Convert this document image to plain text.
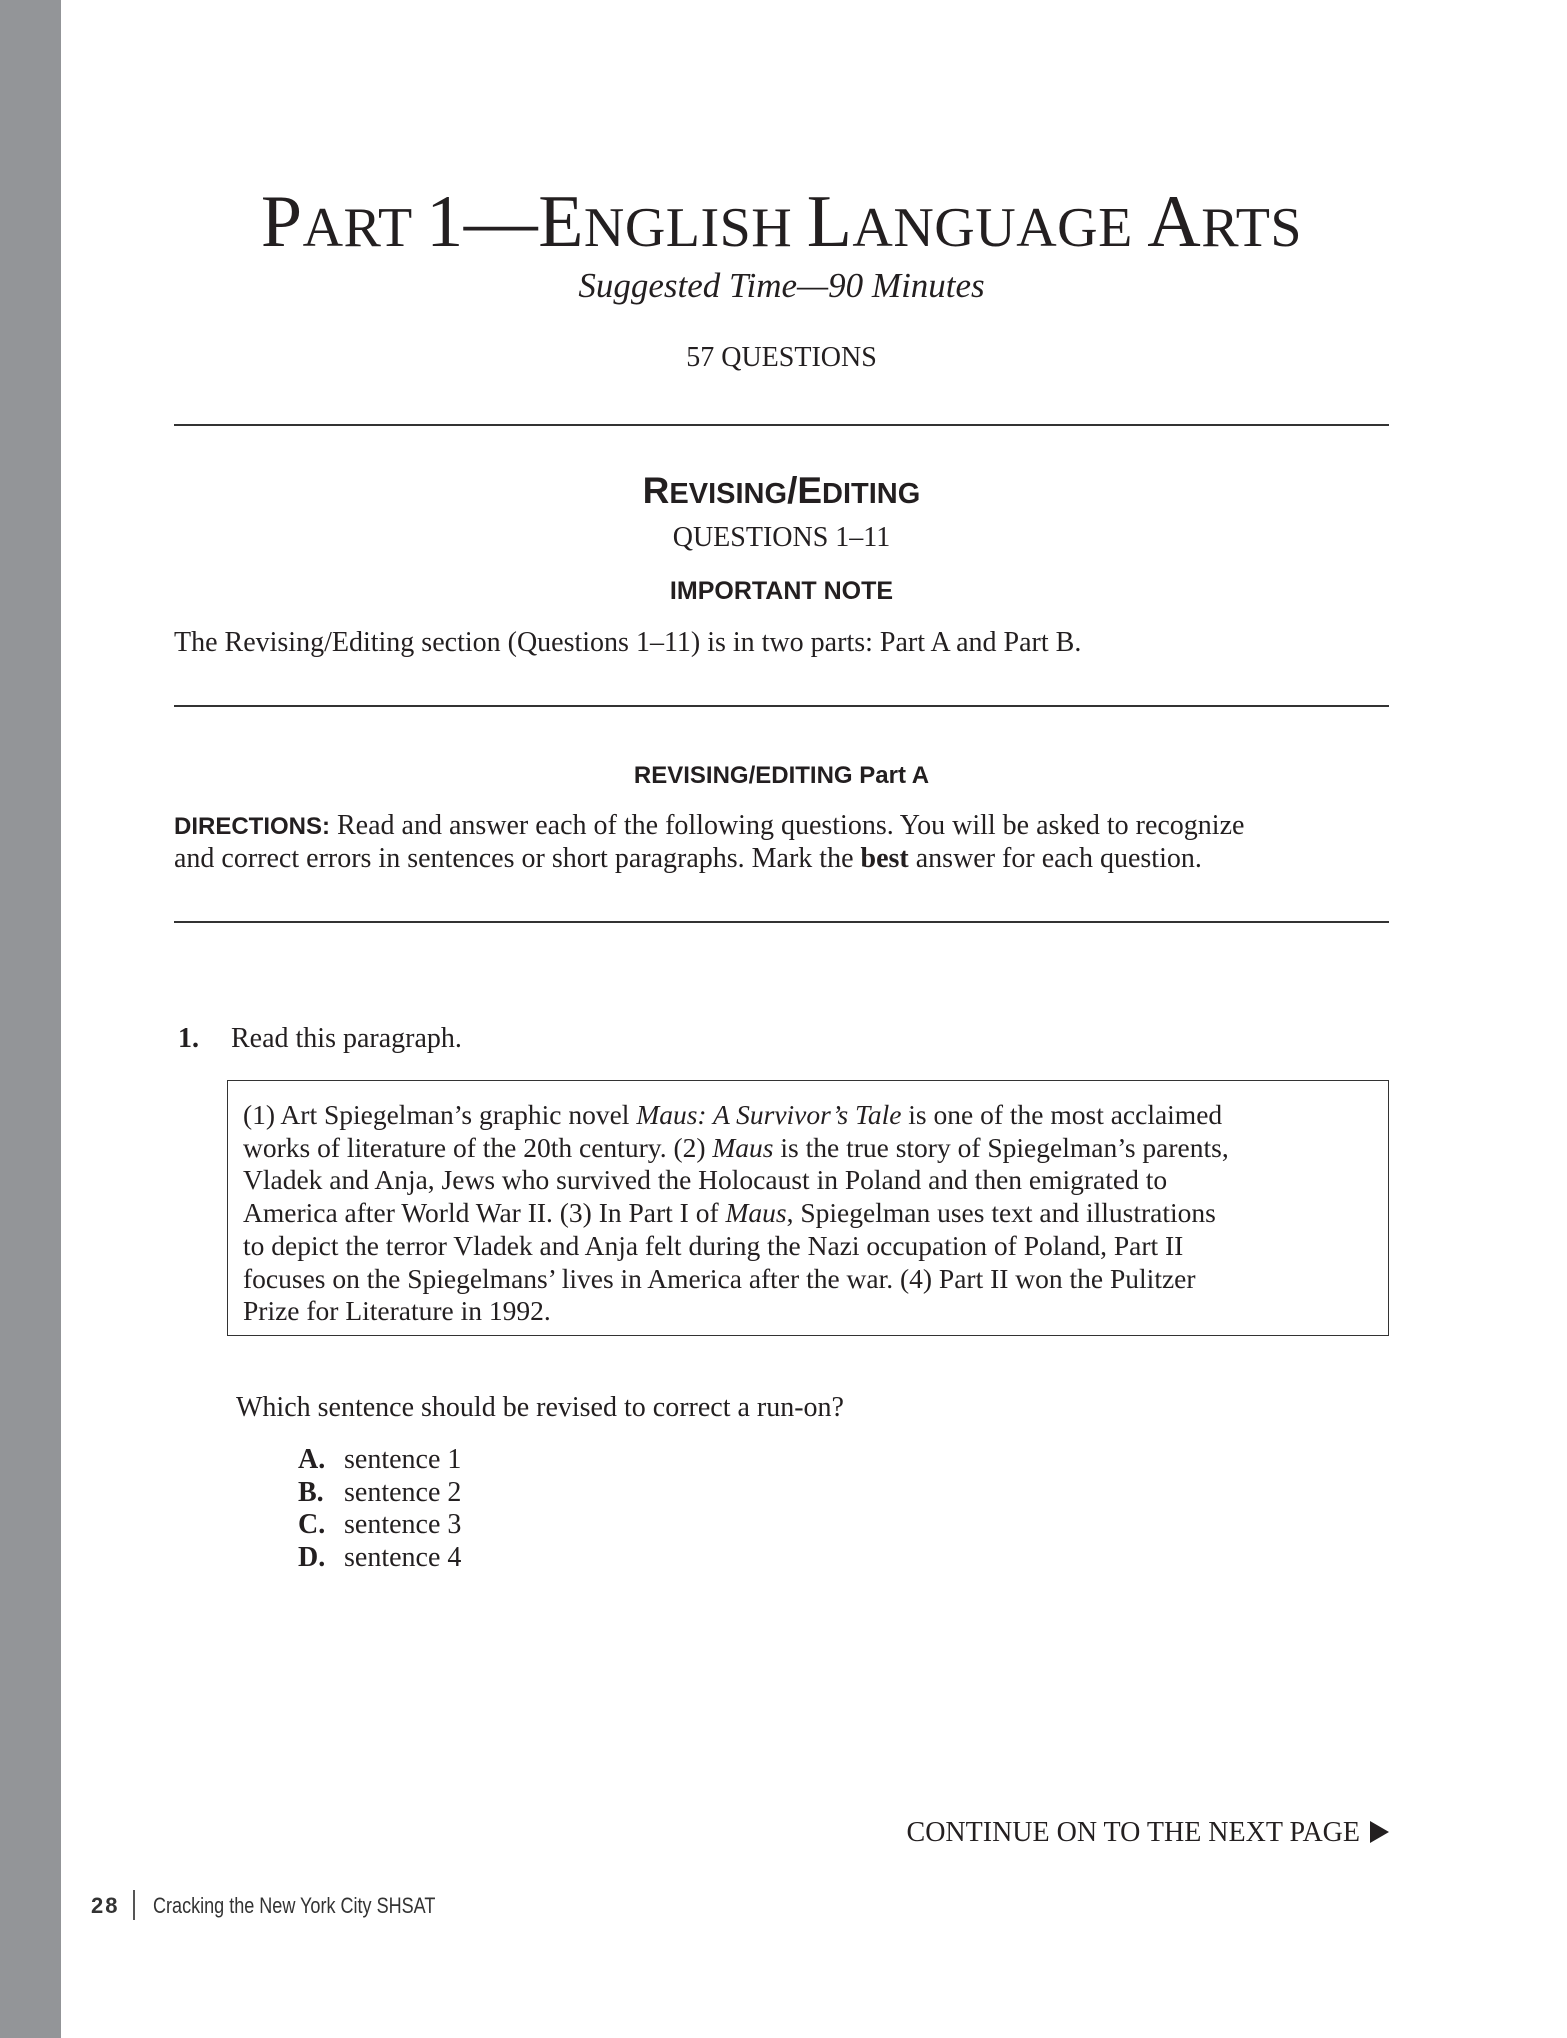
PART 1—ENGLISH LANGUAGE ARTS
Suggested Time—90 Minutes
57 QUESTIONS
REVISING/EDITING
QUESTIONS 1–11
IMPORTANT NOTE
The Revising/Editing section (Questions 1–11) is in two parts: Part A and Part B.
REVISING/EDITING Part A
DIRECTIONS: Read and answer each of the following questions. You will be asked to recognize
and correct errors in sentences or short paragraphs. Mark the best answer for each question.
1. Read this paragraph.
(1) Art Spiegelman’s graphic novel Maus: A Survivor’s Tale is one of the most acclaimed
works of literature of the 20th century. (2) Maus is the true story of Spiegelman’s parents,
Vladek and Anja, Jews who survived the Holocaust in Poland and then emigrated to
America after World War II. (3) In Part I of Maus, Spiegelman uses text and illustrations
to depict the terror Vladek and Anja felt during the Nazi occupation of Poland, Part II
focuses on the Spiegelmans’ lives in America after the war. (4) Part II won the Pulitzer
Prize for Literature in 1992.
Which sentence should be revised to correct a run-on?
A. sentence 1
B. sentence 2
C. sentence 3
D. sentence 4
CONTINUE ON TO THE NEXT PAGE
28 Cracking the New York City SHSAT
